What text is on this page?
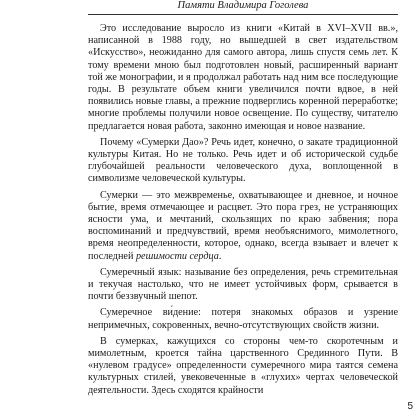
Памяти Владимира Гоголева

Это исследование выросло из книги «Китай в XVI–XVII вв.», написанной в 1988 году, но вышедшей в свет издательством «Искусство», неожиданно для самого автора, лишь спустя семь лет. К тому времени мною был подготовлен новый, расширенный вариант той же монографии, и я продолжал работать над ним все последующие годы. В результате объем книги увеличился почти вдвое, в ней появились новые главы, а прежние подверглись коренной переработке; многие проблемы получили новое освещение. По существу, читателю предлагается новая работа, законно имеющая и новое название.

Почему «Сумерки Дао»? Речь идет, конечно, о закате традиционной культуры Китая. Но не только. Речь идет и об исторической судьбе глубочайшей реальности человеческого духа, воплощенной в символизме человеческой культуры.

Сумерки — это межвременье, охватывающее и дневное, и ночное бытие, время отмечающее и расцвет. Это пора грез, не устраняющих ясности ума, и мечтаний, скользящих по краю забвения; пора воспоминаний и предчувствий, время необъяснимого, мимолетного, время неопределенности, которое, однако, всегда взывает и влечет к последней решимости сердца.

Сумеречный язык: называние без определения, речь стремительная и текучая настолько, что не имеет устойчивых форм, срывается в почти беззвучный шепот.

Сумеречное ви́дение: потеря знакомых образов и узрение непримечных, сокровенных, вечно-отсутствующих свойств жизни.

В сумерках, кажущихся со стороны чем-то скоротечным и мимолетным, кроется тайна царственного Срединного Пути. В «нулевом градусе» определенности сумеречного мира таятся семена культурных стилей, увековеченные в «глухих» чертах человеческой деятельности. Здесь сходятся крайности

5
